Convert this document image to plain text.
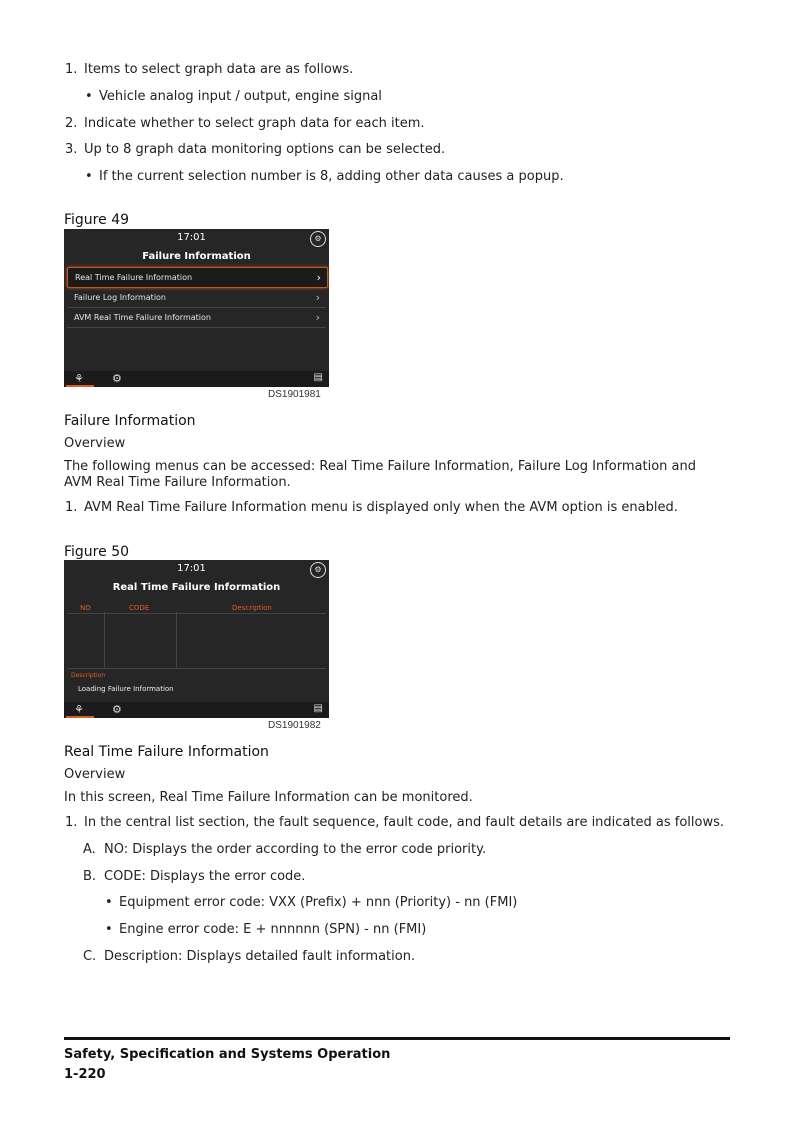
1. Items to select graph data are as follows.
• Vehicle analog input / output, engine signal
2. Indicate whether to select graph data for each item.
3. Up to 8 graph data monitoring options can be selected.
• If the current selection number is 8, adding other data causes a popup.
Figure 49
17:01	⚙
Failure Information
Real Time Failure Information	›
Failure Log Information	›
AVM Real Time Failure Information	›
⚘	⚙	▤
DS1901981
Failure Information
Overview
The following menus can be accessed: Real Time Failure Information, Failure Log Information and AVM Real Time Failure Information.
1. AVM Real Time Failure Information menu is displayed only when the AVM option is enabled.
Figure 50
17:01	⚙
Real Time Failure Information
NO	CODE	Description
Description
Loading Failure Information
⚘	⚙	▤
DS1901982
Real Time Failure Information
Overview
In this screen, Real Time Failure Information can be monitored.
1. In the central list section, the fault sequence, fault code, and fault details are indicated as follows.
A. NO: Displays the order according to the error code priority.
B. CODE: Displays the error code.
• Equipment error code: VXX (Prefix) + nnn (Priority) - nn (FMI)
• Engine error code: E + nnnnnn (SPN) - nn (FMI)
C. Description: Displays detailed fault information.
Safety, Specification and Systems Operation
1-220
